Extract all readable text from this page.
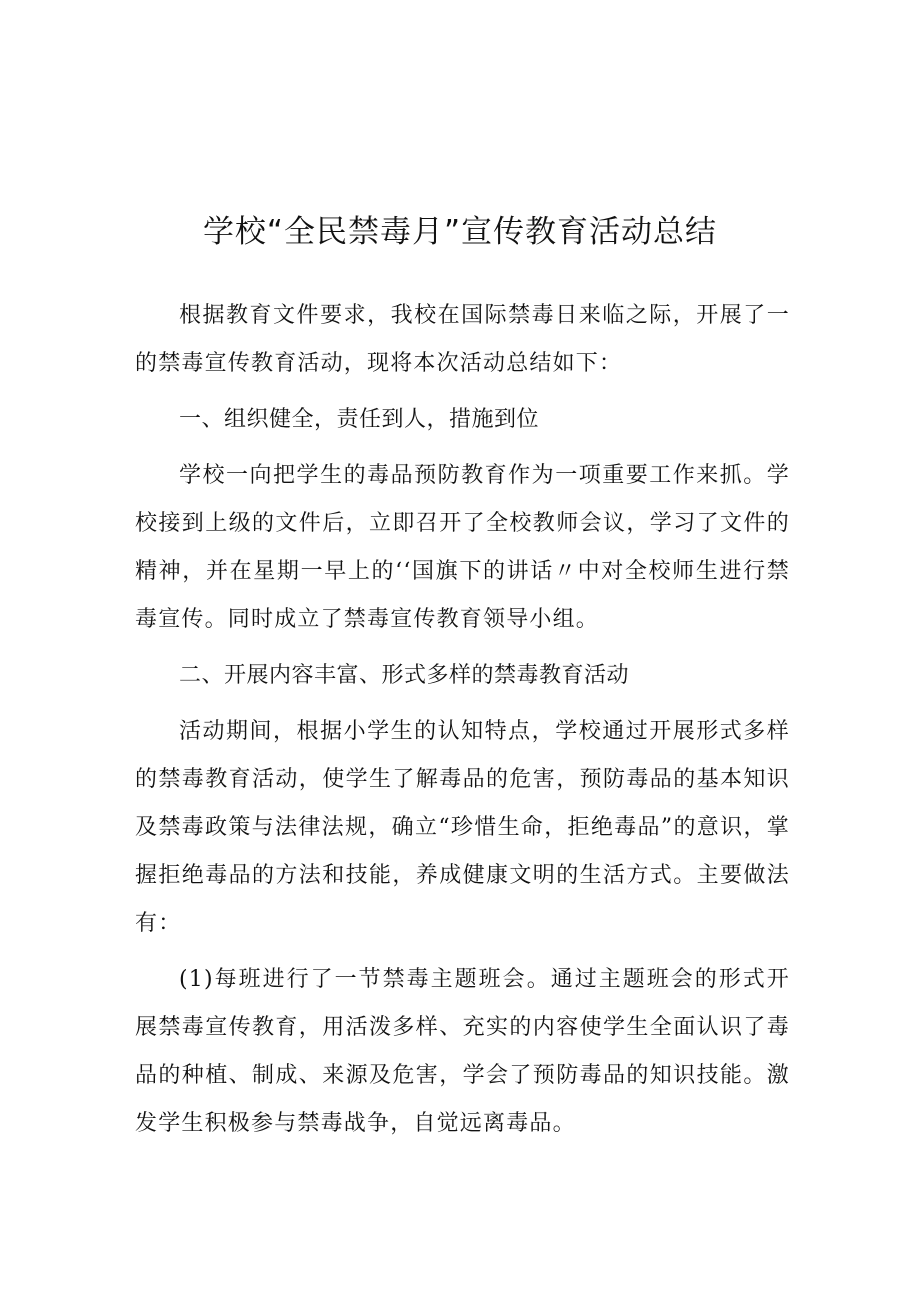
学校“全民禁毒月”宣传教育活动总结

根据教育文件要求，我校在国际禁毒日来临之际，开展了一的禁毒宣传教育活动，现将本次活动总结如下：

一、组织健全，责任到人，措施到位

学校一向把学生的毒品预防教育作为一项重要工作来抓。学校接到上级的文件后，立即召开了全校教师会议，学习了文件的精神，并在星期一早上的‘‘国旗下的讲话〃中对全校师生进行禁毒宣传。同时成立了禁毒宣传教育领导小组。

二、开展内容丰富、形式多样的禁毒教育活动

活动期间，根据小学生的认知特点，学校通过开展形式多样的禁毒教育活动，使学生了解毒品的危害，预防毒品的基本知识及禁毒政策与法律法规，确立“珍惜生命，拒绝毒品”的意识，掌握拒绝毒品的方法和技能，养成健康文明的生活方式。主要做法有：

(1)每班进行了一节禁毒主题班会。通过主题班会的形式开展禁毒宣传教育，用活泼多样、充实的内容使学生全面认识了毒品的种植、制成、来源及危害，学会了预防毒品的知识技能。激发学生积极参与禁毒战争，自觉远离毒品。
